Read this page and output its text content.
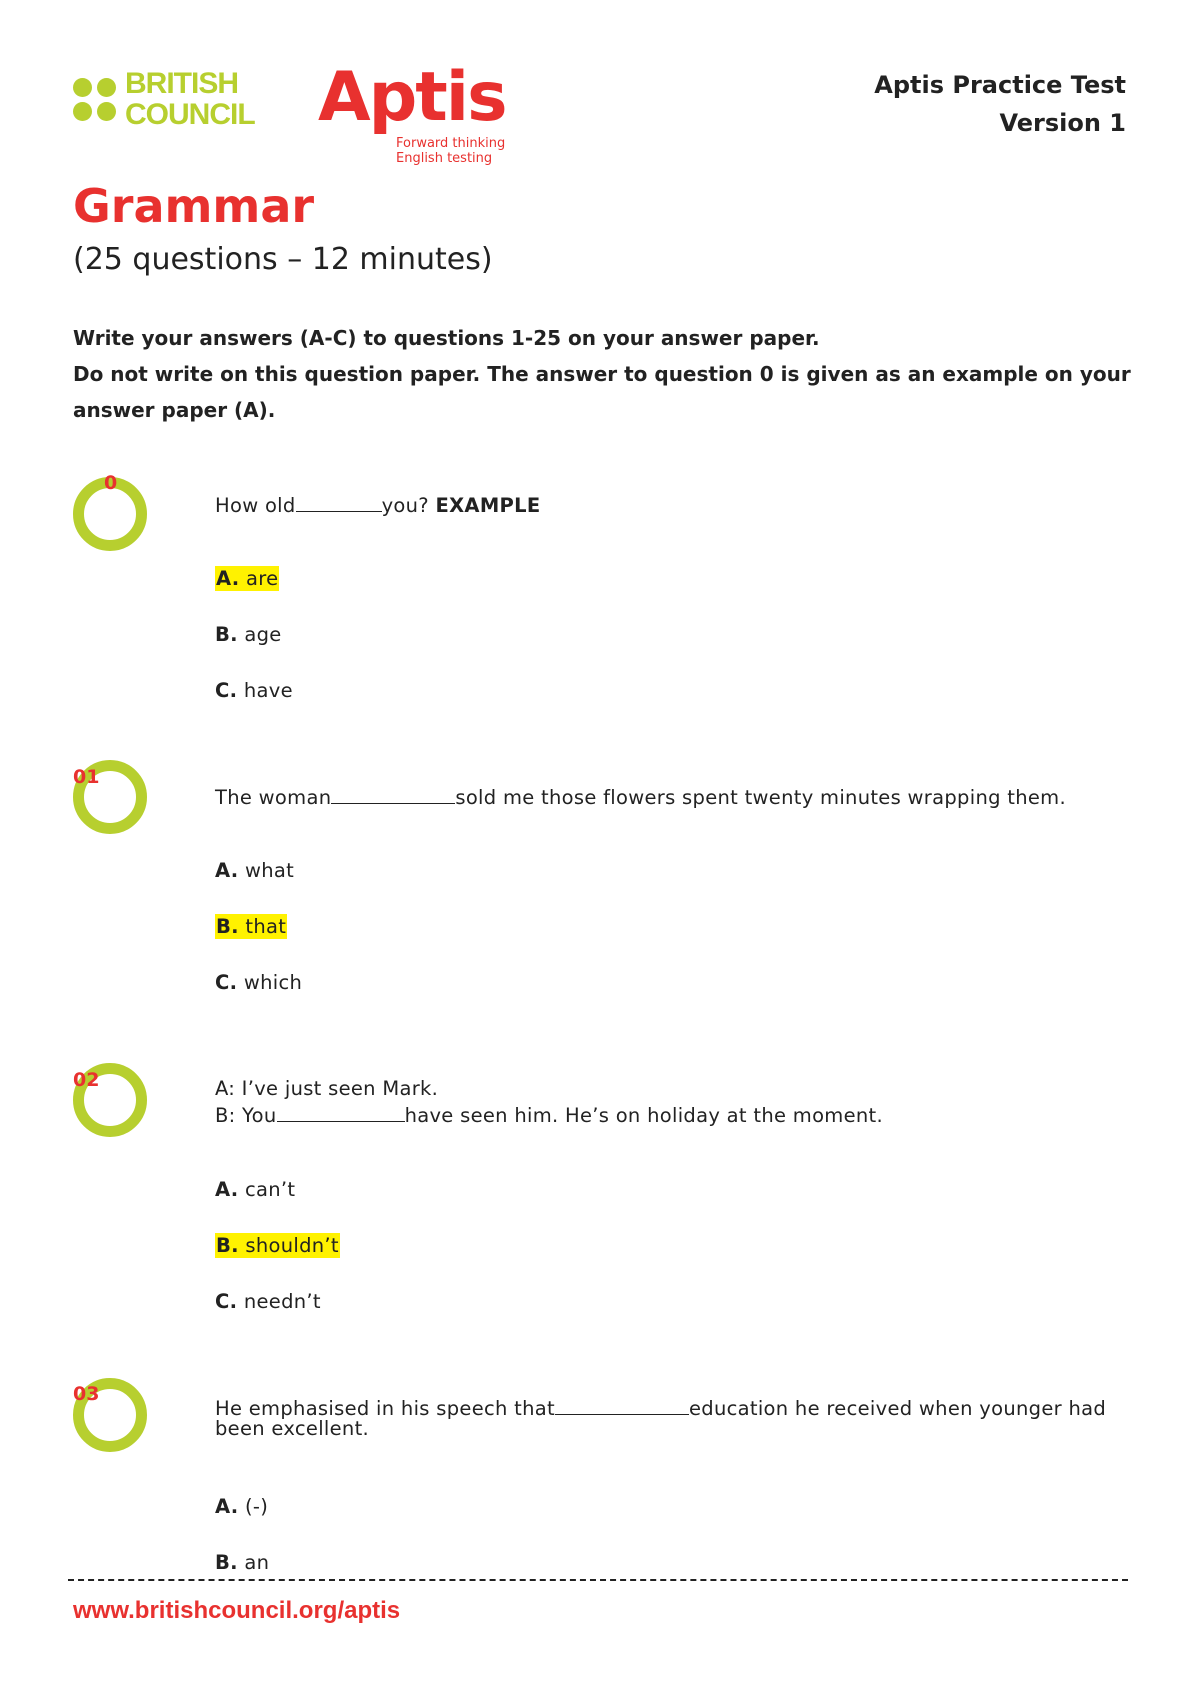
BRITISH
COUNCIL Aptis
Forward thinking
English testing
Aptis Practice Test
Version 1
Grammar
(25 questions – 12 minutes)
Write your answers (A-C) to questions 1-25 on your answer paper.
Do not write on this question paper. The answer to question 0 is given as an example on your answer paper (A).
0
How old	you? EXAMPLE
A. are
B. age
C. have
01
The woman	sold me those flowers spent twenty minutes wrapping them.
A. what
B. that
C. which
02	A: I’ve just seen Mark.
B: You	have seen him. He’s on holiday at the moment.
A. can’t
B. shouldn’t
C. needn’t
03
He emphasised in his speech that	education he received when younger had
been excellent.
A. (-)
B. an
www.britishcouncil.org/aptis
